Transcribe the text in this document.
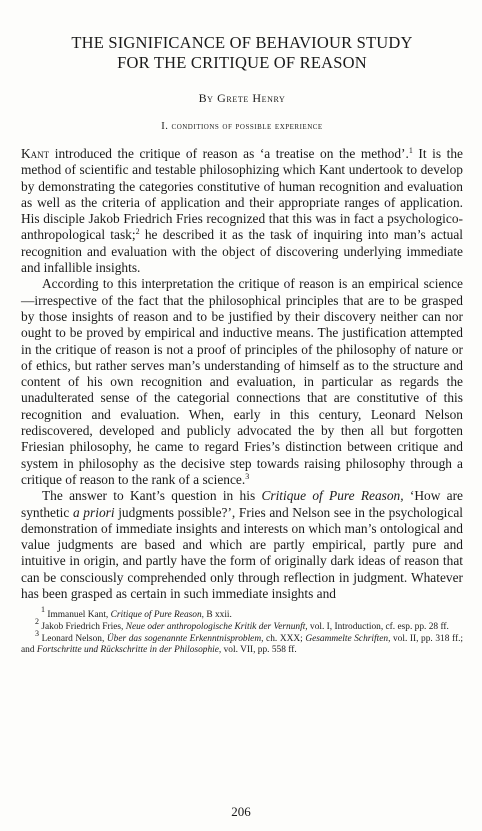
THE SIGNIFICANCE OF BEHAVIOUR STUDY
FOR THE CRITIQUE OF REASON
By Grete Henry
I. conditions of possible experience

Kant introduced the critique of reason as ‘a treatise on the method’.$^1$ It is the method of scientific and testable philosophizing which Kant undertook to develop by demonstrating the categories constitutive of human recognition and evaluation as well as the criteria of application and their appropriate ranges of application. His disciple Jakob Friedrich Fries recognized that this was in fact a psychologico-anthropological task;$^2$ he described it as the task of inquiring into man’s actual recognition and evaluation with the object of discovering underlying immediate and infallible insights.

According to this interpretation the critique of reason is an empirical science—irrespective of the fact that the philosophical principles that are to be grasped by those insights of reason and to be justified by their discovery neither can nor ought to be proved by empirical and inductive means. The justification attempted in the critique of reason is not a proof of principles of the philosophy of nature or of ethics, but rather serves man’s understanding of himself as to the structure and content of his own recognition and evaluation, in particular as regards the unadulterated sense of the categorial connections that are constitutive of this recognition and evaluation. When, early in this century, Leonard Nelson rediscovered, developed and publicly advocated the by then all but forgotten Friesian philosophy, he came to regard Fries’s distinction between critique and system in philosophy as the decisive step towards raising philosophy through a critique of reason to the rank of a science.$^3$

The answer to Kant’s question in his Critique of Pure Reason, ‘How are synthetic a priori judgments possible?’, Fries and Nelson see in the psychological demonstration of immediate insights and interests on which man’s ontological and value judgments are based and which are partly empirical, partly pure and intuitive in origin, and partly have the form of originally dark ideas of reason that can be consciously comprehended only through reflection in judgment. Whatever has been grasped as certain in such immediate insights and

$^1$ Immanuel Kant, Critique of Pure Reason, B xxii.

$^2$ Jakob Friedrich Fries, Neue oder anthropologische Kritik der Vernunft, vol. I, Introduction, cf. esp. pp. 28 ff.

$^3$ Leonard Nelson, Über das sogenannte Erkenntnisproblem, ch. XXX; Gesammelte Schriften, vol. II, pp. 318 ff.; and Fortschritte und Rückschritte in der Philosophie, vol. VII, pp. 558 ff.

206
